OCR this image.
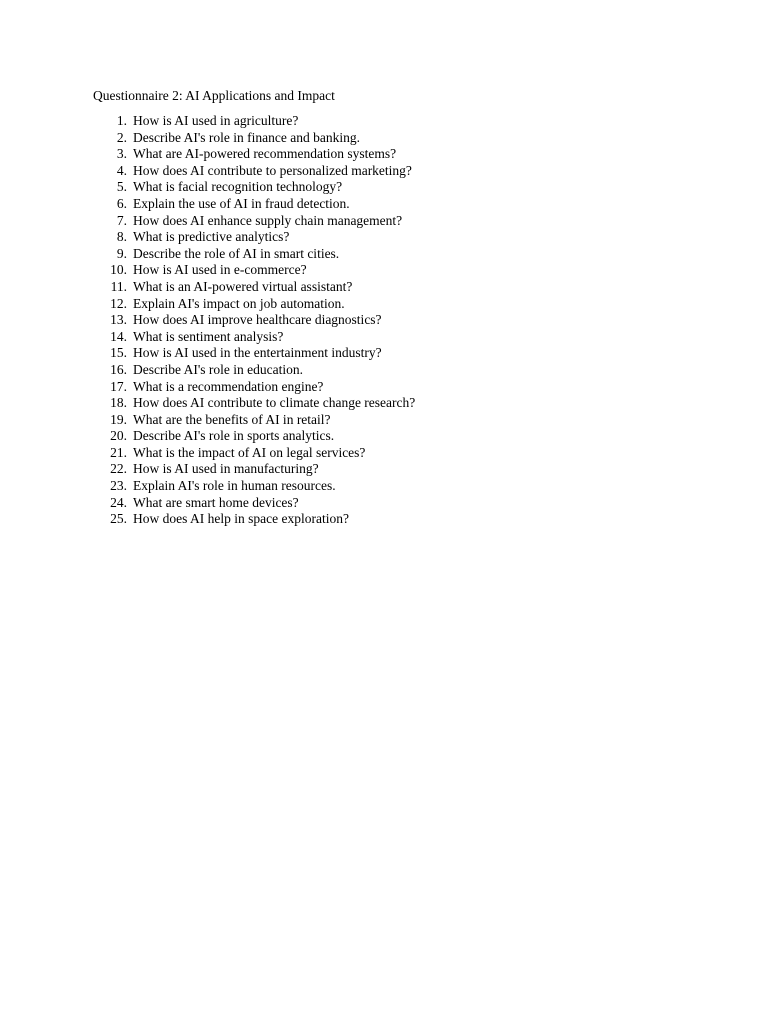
Questionnaire 2: AI Applications and Impact
1. How is AI used in agriculture?
2. Describe AI's role in finance and banking.
3. What are AI-powered recommendation systems?
4. How does AI contribute to personalized marketing?
5. What is facial recognition technology?
6. Explain the use of AI in fraud detection.
7. How does AI enhance supply chain management?
8. What is predictive analytics?
9. Describe the role of AI in smart cities.
10. How is AI used in e-commerce?
11. What is an AI-powered virtual assistant?
12. Explain AI's impact on job automation.
13. How does AI improve healthcare diagnostics?
14. What is sentiment analysis?
15. How is AI used in the entertainment industry?
16. Describe AI's role in education.
17. What is a recommendation engine?
18. How does AI contribute to climate change research?
19. What are the benefits of AI in retail?
20. Describe AI's role in sports analytics.
21. What is the impact of AI on legal services?
22. How is AI used in manufacturing?
23. Explain AI's role in human resources.
24. What are smart home devices?
25. How does AI help in space exploration?
